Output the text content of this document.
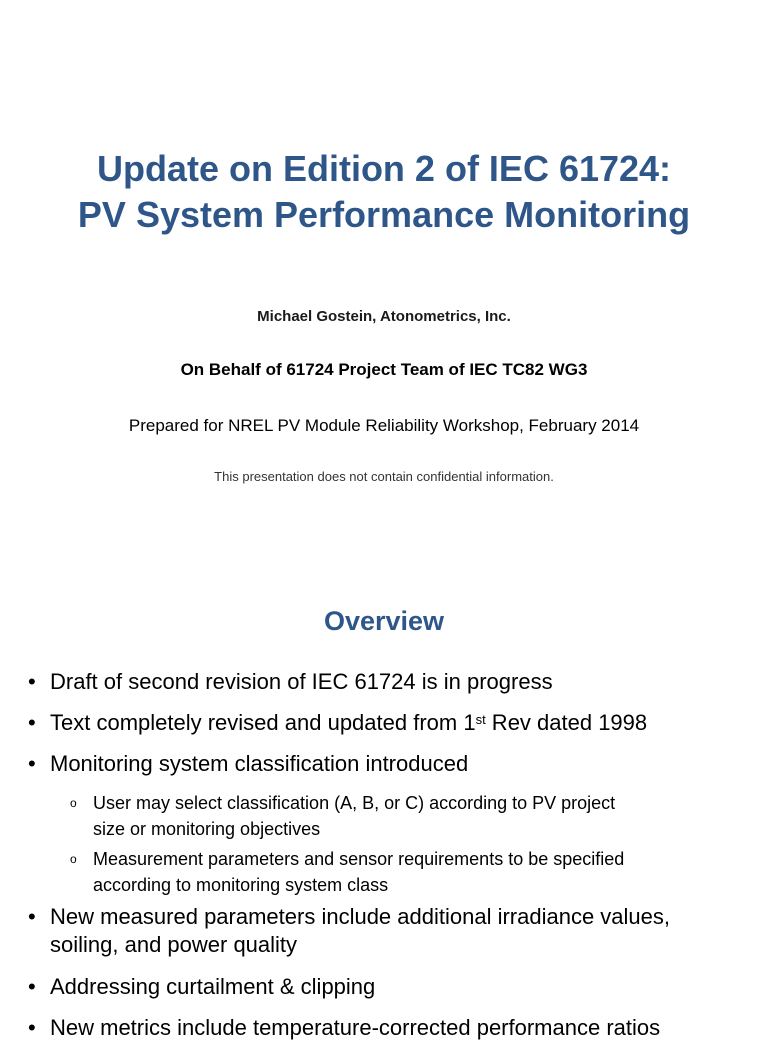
Update on Edition 2 of IEC 61724:
PV System Performance Monitoring
Michael Gostein, Atonometrics, Inc.
On Behalf of 61724 Project Team of IEC TC82 WG3
Prepared for NREL PV Module Reliability Workshop, February 2014
This presentation does not contain confidential information.
Overview
• Draft of second revision of IEC 61724 is in progress
• Text completely revised and updated from 1st Rev dated 1998
• Monitoring system classification introduced
o User may select classification (A, B, or C) according to PV project
size or monitoring objectives
o Measurement parameters and sensor requirements to be specified
according to monitoring system class
• New measured parameters include additional irradiance values,
soiling, and power quality
• Addressing curtailment & clipping
• New metrics include temperature-corrected performance ratios
